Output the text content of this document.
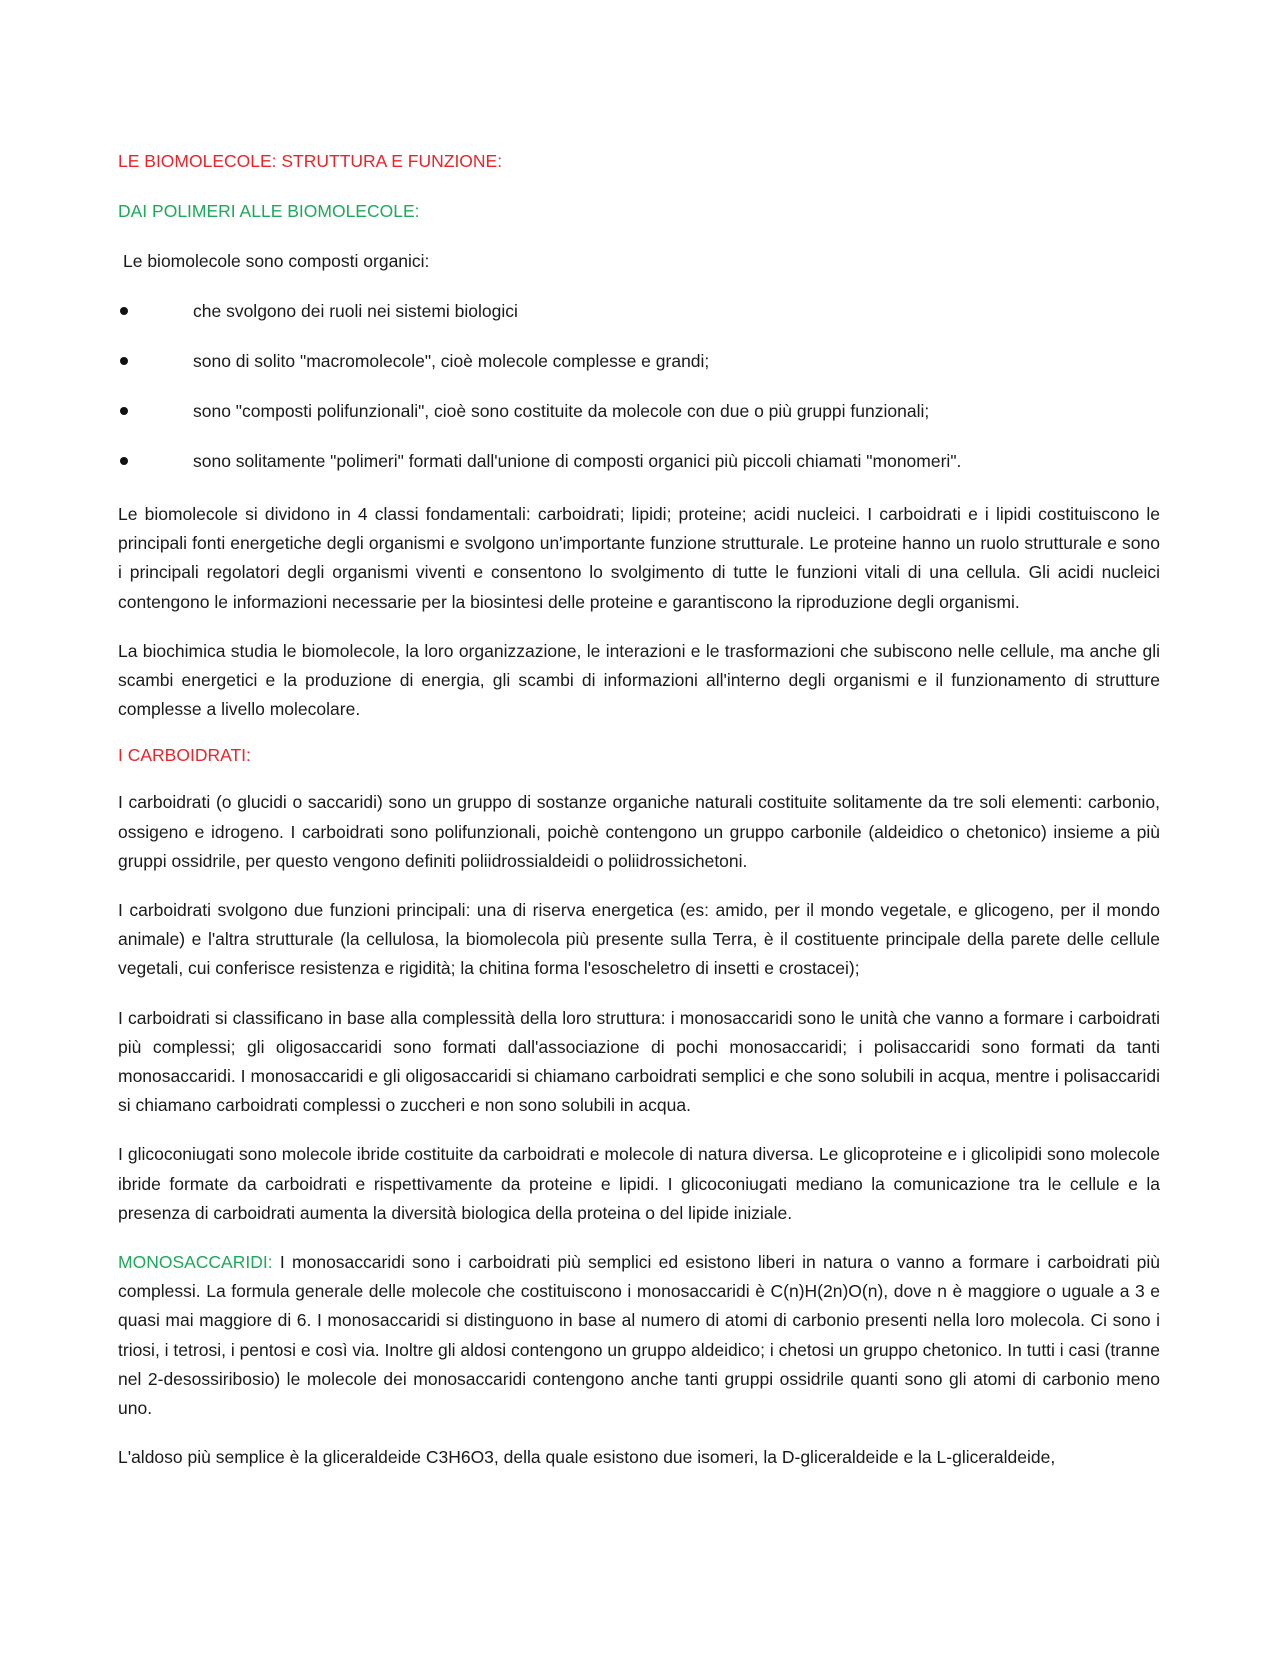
LE BIOMOLECOLE: STRUTTURA E FUNZIONE:
DAI POLIMERI ALLE BIOMOLECOLE:
Le biomolecole sono composti organici:
che svolgono dei ruoli nei sistemi biologici
sono di solito "macromolecole", cioè molecole complesse e grandi;
sono "composti polifunzionali", cioè sono costituite da molecole con due o più gruppi funzionali;
sono solitamente "polimeri" formati dall'unione di composti organici più piccoli chiamati "monomeri".

Le biomolecole si dividono in 4 classi fondamentali: carboidrati; lipidi; proteine; acidi nucleici. I carboidrati e i lipidi costituiscono le principali fonti energetiche degli organismi e svolgono un'importante funzione strutturale. Le proteine hanno un ruolo strutturale e sono i principali regolatori degli organismi viventi e consentono lo svolgimento di tutte le funzioni vitali di una cellula. Gli acidi nucleici contengono le informazioni necessarie per la biosintesi delle proteine e garantiscono la riproduzione degli organismi.

La biochimica studia le biomolecole, la loro organizzazione, le interazioni e le trasformazioni che subiscono nelle cellule, ma anche gli scambi energetici e la produzione di energia, gli scambi di informazioni all'interno degli organismi e il funzionamento di strutture complesse a livello molecolare.

I CARBOIDRATI:

I carboidrati (o glucidi o saccaridi) sono un gruppo di sostanze organiche naturali costituite solitamente da tre soli elementi: carbonio, ossigeno e idrogeno. I carboidrati sono polifunzionali, poichè contengono un gruppo carbonile (aldeidico o chetonico) insieme a più gruppi ossidrile, per questo vengono definiti poliidrossialdeidi o poliidrossichetoni.

I carboidrati svolgono due funzioni principali: una di riserva energetica (es: amido, per il mondo vegetale, e glicogeno, per il mondo animale) e l'altra strutturale (la cellulosa, la biomolecola più presente sulla Terra, è il costituente principale della parete delle cellule vegetali, cui conferisce resistenza e rigidità; la chitina forma l'esoscheletro di insetti e crostacei);

I carboidrati si classificano in base alla complessità della loro struttura: i monosaccaridi sono le unità che vanno a formare i carboidrati più complessi; gli oligosaccaridi sono formati dall'associazione di pochi monosaccaridi; i polisaccaridi sono formati da tanti monosaccaridi. I monosaccaridi e gli oligosaccaridi si chiamano carboidrati semplici e che sono solubili in acqua, mentre i polisaccaridi si chiamano carboidrati complessi o zuccheri e non sono solubili in acqua.

I glicoconiugati sono molecole ibride costituite da carboidrati e molecole di natura diversa. Le glicoproteine e i glicolipidi sono molecole ibride formate da carboidrati e rispettivamente da proteine e lipidi. I glicoconiugati mediano la comunicazione tra le cellule e la presenza di carboidrati aumenta la diversità biologica della proteina o del lipide iniziale.

MONOSACCARIDI: I monosaccaridi sono i carboidrati più semplici ed esistono liberi in natura o vanno a formare i carboidrati più complessi. La formula generale delle molecole che costituiscono i monosaccaridi è C(n)H(2n)O(n), dove n è maggiore o uguale a 3 e quasi mai maggiore di 6. I monosaccaridi si distinguono in base al numero di atomi di carbonio presenti nella loro molecola. Ci sono i triosi, i tetrosi, i pentosi e così via. Inoltre gli aldosi contengono un gruppo aldeidico; i chetosi un gruppo chetonico. In tutti i casi (tranne nel 2-desossiribosio) le molecole dei monosaccaridi contengono anche tanti gruppi ossidrile quanti sono gli atomi di carbonio meno uno.

L'aldoso più semplice è la gliceraldeide C3H6O3, della quale esistono due isomeri, la D-gliceraldeide e la L-gliceraldeide,
